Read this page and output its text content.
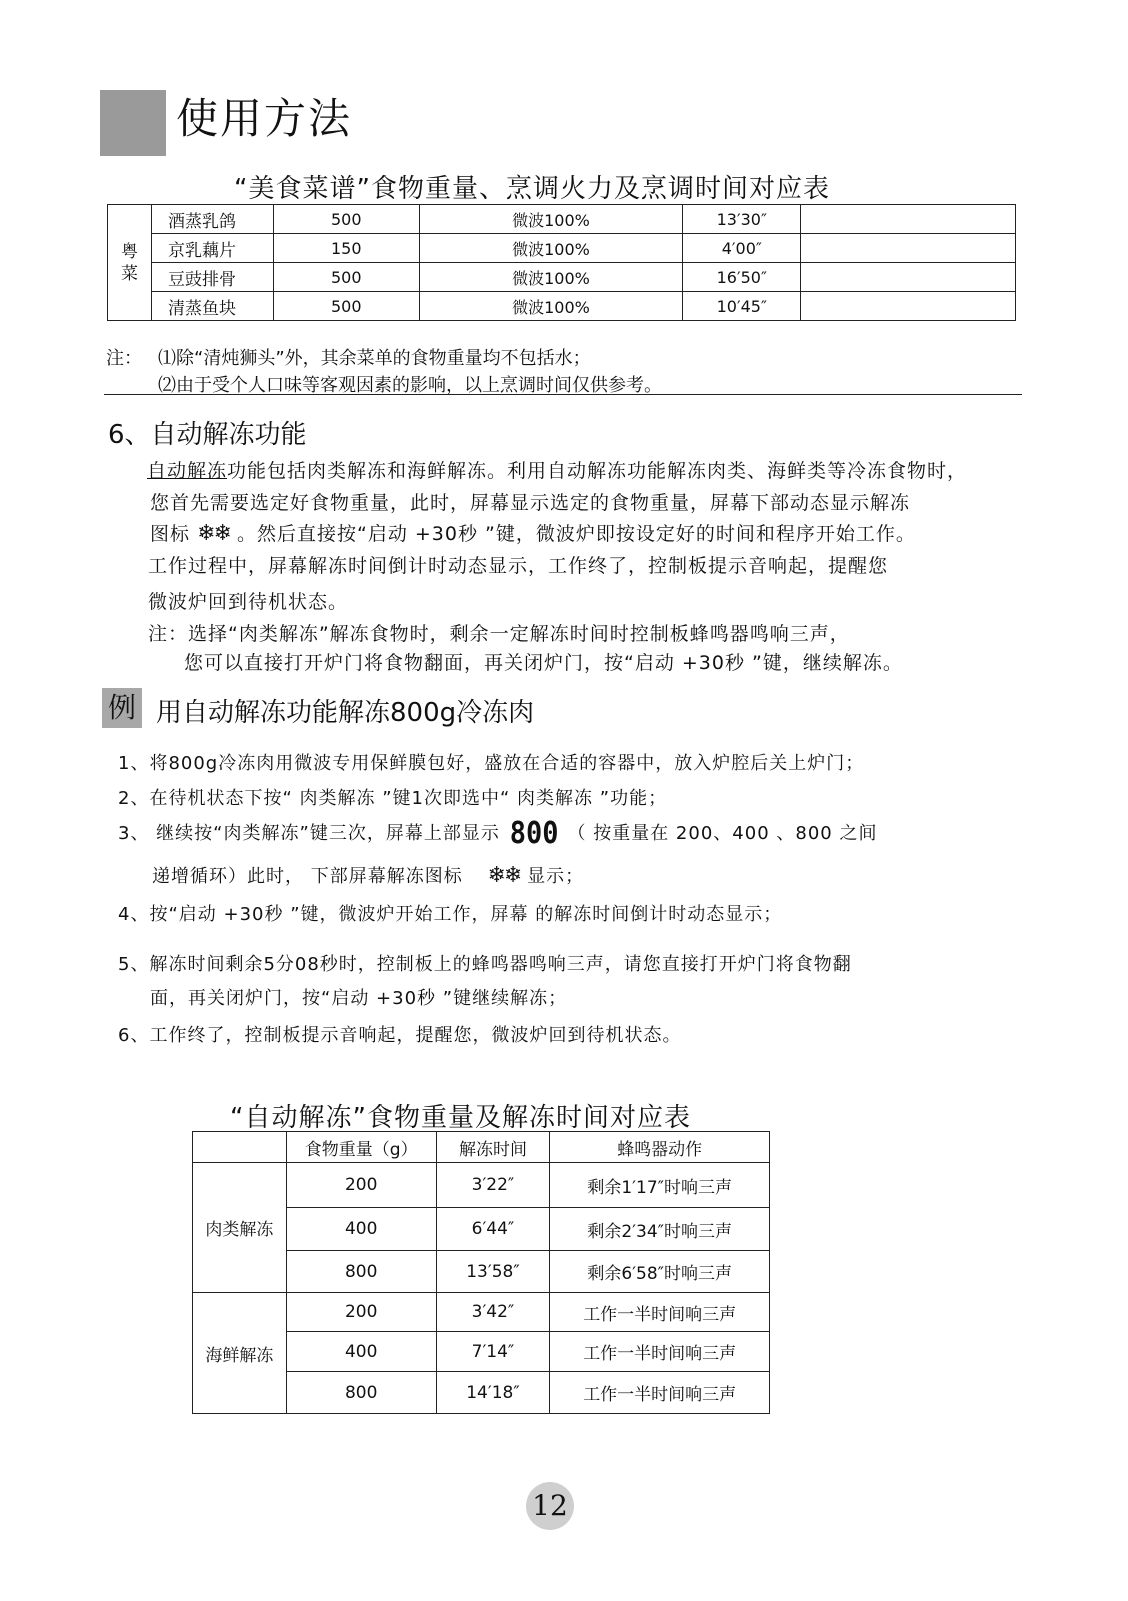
使用方法
“美食菜谱”食物重量、烹调火力及烹调时间对应表
粤菜	酒蒸乳鸽	500	微波100%	13′30″	
	京乳藕片	150	微波100%	4′00″	
	豆豉排骨	500	微波100%	16′50″	
	清蒸鱼块	500	微波100%	10′45″	
注： ⑴除“清炖狮头”外，其余菜单的食物重量均不包括水；
⑵由于受个人口味等客观因素的影响，以上烹调时间仅供参考。
6、自动解冻功能
自动解冻功能包括肉类解冻和海鲜解冻。利用自动解冻功能解冻肉类、海鲜类等冷冻食物时，
您首先需要选定好食物重量，此时，屏幕显示选定的食物重量，屏幕下部动态显示解冻
图标 ❄❄ 。然后直接按“启动 +30秒 ”键，微波炉即按设定好的时间和程序开始工作。
工作过程中，屏幕解冻时间倒计时动态显示，工作终了，控制板提示音响起，提醒您
微波炉回到待机状态。
注：选择“肉类解冻”解冻食物时，剩余一定解冻时间时控制板蜂鸣器鸣响三声，
您可以直接打开炉门将食物翻面，再关闭炉门，按“启动 +30秒 ”键，继续解冻。
例 用自动解冻功能解冻800g冷冻肉
1、将800g冷冻肉用微波专用保鲜膜包好，盛放在合适的容器中，放入炉腔后关上炉门；
2、在待机状态下按“ 肉类解冻 ”键1次即选中“ 肉类解冻 ”功能；
3、 继续按“肉类解冻”键三次，屏幕上部显示 800 （ 按重量在 200、400 、800 之间
递增循环）此时， 下部屏幕解冻图标 ❄❄ 显示；
4、按“启动 +30秒 ”键，微波炉开始工作，屏幕 的解冻时间倒计时动态显示；
5、解冻时间剩余5分08秒时，控制板上的蜂鸣器鸣响三声，请您直接打开炉门将食物翻
面，再关闭炉门，按“启动 +30秒 ”键继续解冻；
6、工作终了，控制板提示音响起，提醒您，微波炉回到待机状态。
“自动解冻”食物重量及解冻时间对应表
	食物重量（g）	解冻时间	蜂鸣器动作
肉类解冻	200	3′22″	剩余1′17″时响三声
	400	6′44″	剩余2′34″时响三声
	800	13′58″	剩余6′58″时响三声
海鲜解冻	200	3′42″	工作一半时间响三声
	400	7′14″	工作一半时间响三声
	800	14′18″	工作一半时间响三声
12
